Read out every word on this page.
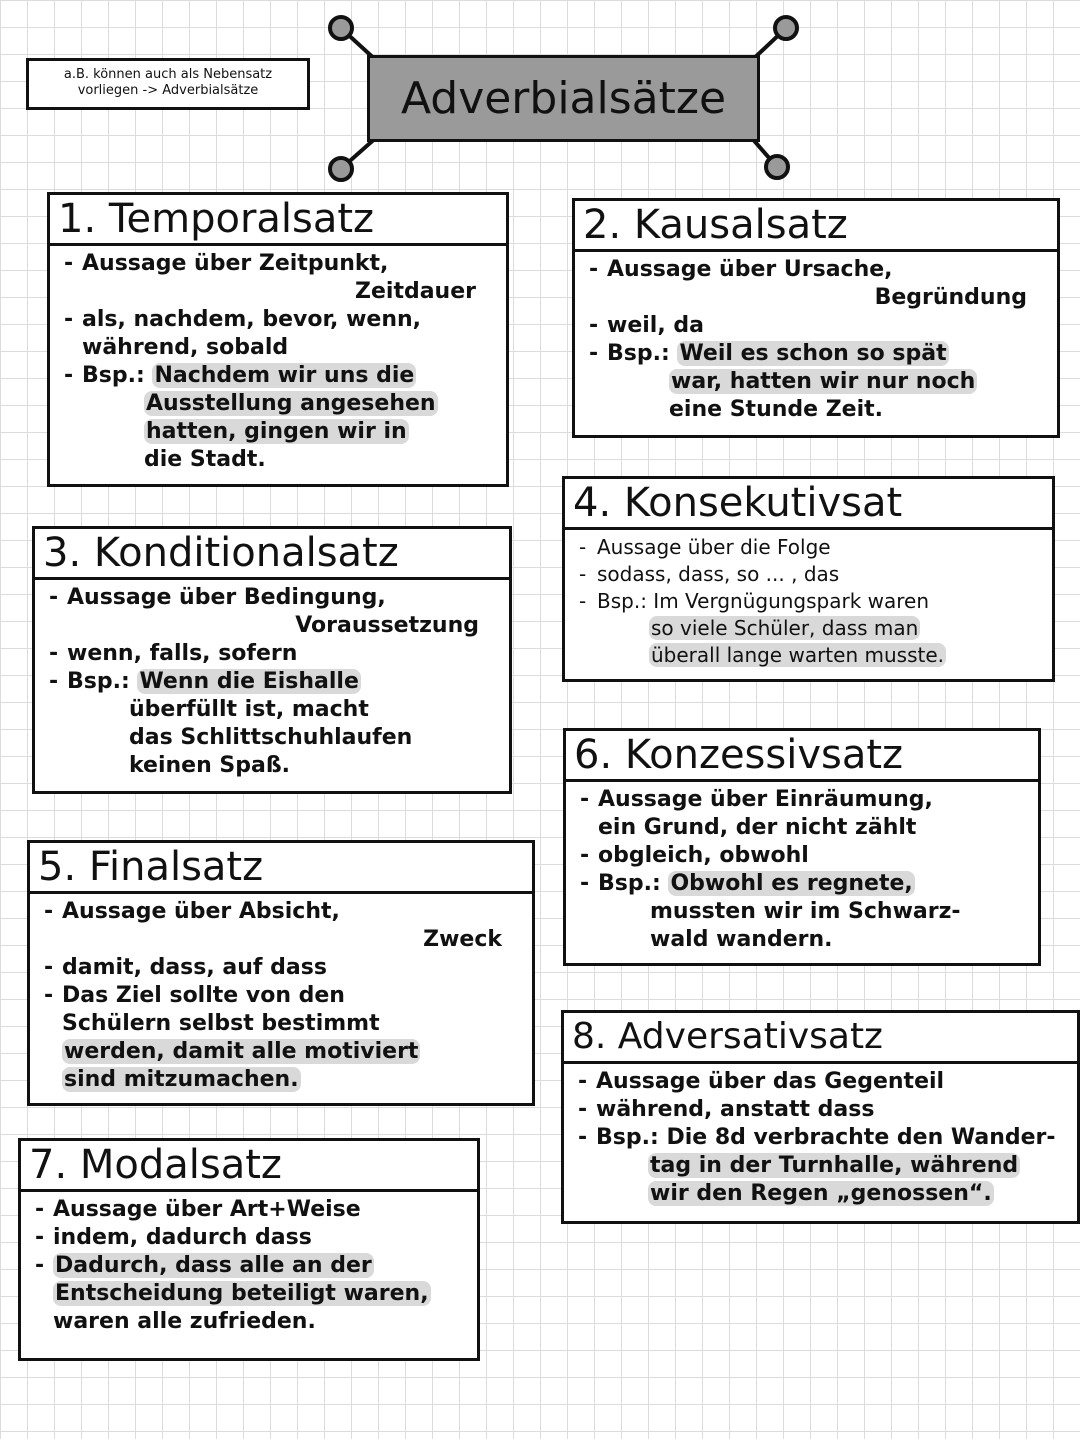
a.B. können auch als Nebensatz
vorliegen -> Adverbialsätze	Adverbialsätze
1. Temporalsatz
- Aussage über Zeitpunkt,
Zeitdauer
- als, nachdem, bevor, wenn,
während, sobald
- Bsp.: Nachdem wir uns die
Ausstellung angesehen
hatten, gingen wir in
die Stadt.
2. Kausalsatz
- Aussage über Ursache,
Begründung
- weil, da
- Bsp.: Weil es schon so spät
war, hatten wir nur noch
eine Stunde Zeit.
3. Konditionalsatz
- Aussage über Bedingung,
Voraussetzung
- wenn, falls, sofern
- Bsp.: Wenn die Eishalle
überfüllt ist, macht
das Schlittschuhlaufen
keinen Spaß.
4. Konsekutivsat
- Aussage über die Folge
- sodass, dass, so ... , das
- Bsp.: Im Vergnügungspark waren
so viele Schüler, dass man
überall lange warten musste.
5. Finalsatz
- Aussage über Absicht,
Zweck
- damit, dass, auf dass
- Das Ziel sollte von den
Schülern selbst bestimmt
werden, damit alle motiviert
sind mitzumachen.
6. Konzessivsatz
- Aussage über Einräumung,
ein Grund, der nicht zählt
- obgleich, obwohl
- Bsp.: Obwohl es regnete,
mussten wir im Schwarz-
wald wandern.
7. Modalsatz
- Aussage über Art+Weise
- indem, dadurch dass
- Dadurch, dass alle an der
Entscheidung beteiligt waren,
waren alle zufrieden.
8. Adversativsatz
- Aussage über das Gegenteil
- während, anstatt dass
- Bsp.: Die 8d verbrachte den Wander-
tag in der Turnhalle, während
wir den Regen „genossen“.
